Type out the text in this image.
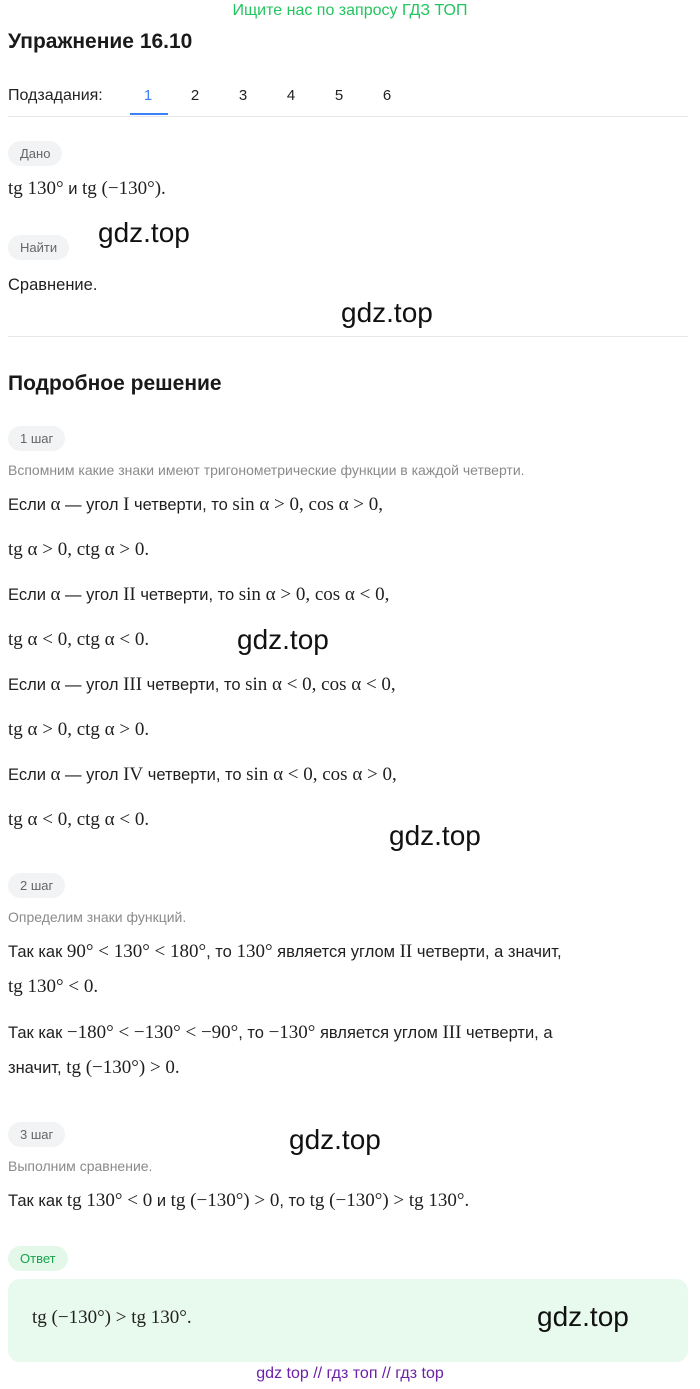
Ищите нас по запросу ГДЗ ТОП
Упражнение 16.10
Подзадания:	1	2	3	4	5	6
Дано
tg 130° и tg (−130°).
Найти
Сравнение.
Подробное решение
1 шаг
Вспомним какие знаки имеют тригонометрические функции в каждой четверти.
Если α — угол I четверти, то sin α > 0, cos α > 0,
tg α > 0, ctg α > 0.
Если α — угол II четверти, то sin α > 0, cos α < 0,
tg α < 0, ctg α < 0.
Если α — угол III четверти, то sin α < 0, cos α < 0,
tg α > 0, ctg α > 0.
Если α — угол IV четверти, то sin α < 0, cos α > 0,
tg α < 0, ctg α < 0.
2 шаг
Определим знаки функций.
Так как 90° < 130° < 180°, то 130° является углом II четверти, а значит,
tg 130° < 0.
Так как −180° < −130° < −90°, то −130° является углом III четверти, а
значит, tg (−130°) > 0.
3 шаг
Выполним сравнение.
Так как tg 130° < 0 и tg (−130°) > 0, то tg (−130°) > tg 130°.
Ответ
tg (−130°) > tg 130°.
gdz.top
gdz.top
gdz.top
gdz.top
gdz.top
gdz.top
gdz top // гдз топ // гдз top
